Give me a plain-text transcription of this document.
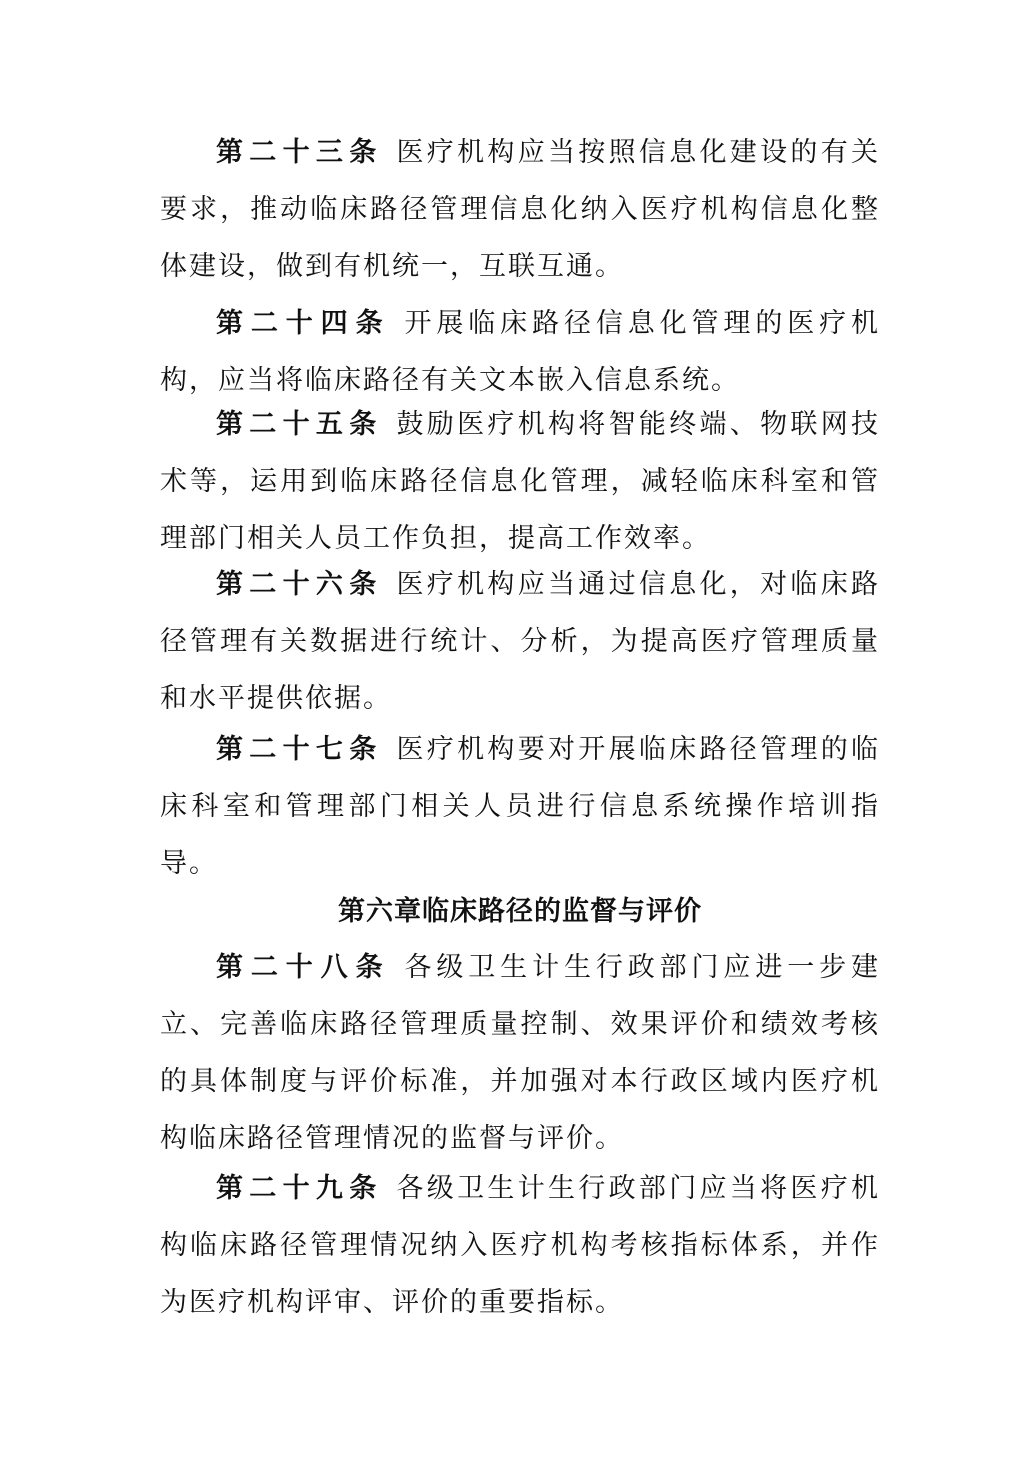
第二十三条 医疗机构应当按照信息化建设的有关要求，推动临床路径管理信息化纳入医疗机构信息化整体建设，做到有机统一，互联互通。

第二十四条 开展临床路径信息化管理的医疗机构，应当将临床路径有关文本嵌入信息系统。

第二十五条 鼓励医疗机构将智能终端、物联网技术等，运用到临床路径信息化管理，减轻临床科室和管理部门相关人员工作负担，提高工作效率。

第二十六条 医疗机构应当通过信息化，对临床路径管理有关数据进行统计、分析，为提高医疗管理质量和水平提供依据。

第二十七条 医疗机构要对开展临床路径管理的临床科室和管理部门相关人员进行信息系统操作培训指导。

第六章临床路径的监督与评价

第二十八条 各级卫生计生行政部门应进一步建立、完善临床路径管理质量控制、效果评价和绩效考核的具体制度与评价标准，并加强对本行政区域内医疗机构临床路径管理情况的监督与评价。

第二十九条 各级卫生计生行政部门应当将医疗机构临床路径管理情况纳入医疗机构考核指标体系，并作为医疗机构评审、评价的重要指标。
